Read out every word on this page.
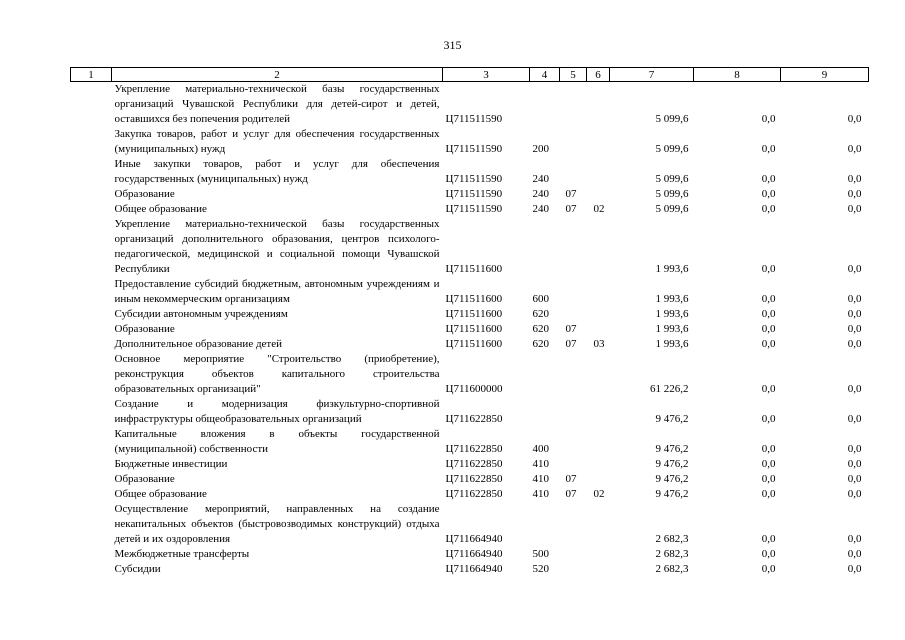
315
1	2	3	4	5	6	7	8	9
	Укрепление материально-технической базы государственных организаций Чувашской Республики для детей-сирот и детей, оставшихся без попечения родителей	Ц711511590				5 099,6	0,0	0,0
	Закупка товаров, работ и услуг для обеспечения государственных (муниципальных) нужд	Ц711511590	200			5 099,6	0,0	0,0
	Иные закупки товаров, работ и услуг для обеспечения государственных (муниципальных) нужд	Ц711511590	240			5 099,6	0,0	0,0
	Образование	Ц711511590	240	07		5 099,6	0,0	0,0
	Общее образование	Ц711511590	240	07	02	5 099,6	0,0	0,0
	Укрепление материально-технической базы государственных организаций дополнительного образования, центров психолого-педагогической, медицинской и социальной помощи Чувашской Республики	Ц711511600				1 993,6	0,0	0,0
	Предоставление субсидий бюджетным, автономным учреждениям и иным некоммерческим организациям	Ц711511600	600			1 993,6	0,0	0,0
	Субсидии автономным учреждениям	Ц711511600	620			1 993,6	0,0	0,0
	Образование	Ц711511600	620	07		1 993,6	0,0	0,0
	Дополнительное образование детей	Ц711511600	620	07	03	1 993,6	0,0	0,0
	Основное мероприятие "Строительство (приобретение), реконструкция объектов капитального строительства образовательных организаций"	Ц711600000				61 226,2	0,0	0,0
	Создание и модернизация физкультурно-спортивной инфраструктуры общеобразовательных организаций	Ц711622850				9 476,2	0,0	0,0
	Капитальные вложения в объекты государственной (муниципальной) собственности	Ц711622850	400			9 476,2	0,0	0,0
	Бюджетные инвестиции	Ц711622850	410			9 476,2	0,0	0,0
	Образование	Ц711622850	410	07		9 476,2	0,0	0,0
	Общее образование	Ц711622850	410	07	02	9 476,2	0,0	0,0
	Осуществление мероприятий, направленных на создание некапитальных объектов (быстровозводимых конструкций) отдыха детей и их оздоровления	Ц711664940				2 682,3	0,0	0,0
	Межбюджетные трансферты	Ц711664940	500			2 682,3	0,0	0,0
	Субсидии	Ц711664940	520			2 682,3	0,0	0,0
